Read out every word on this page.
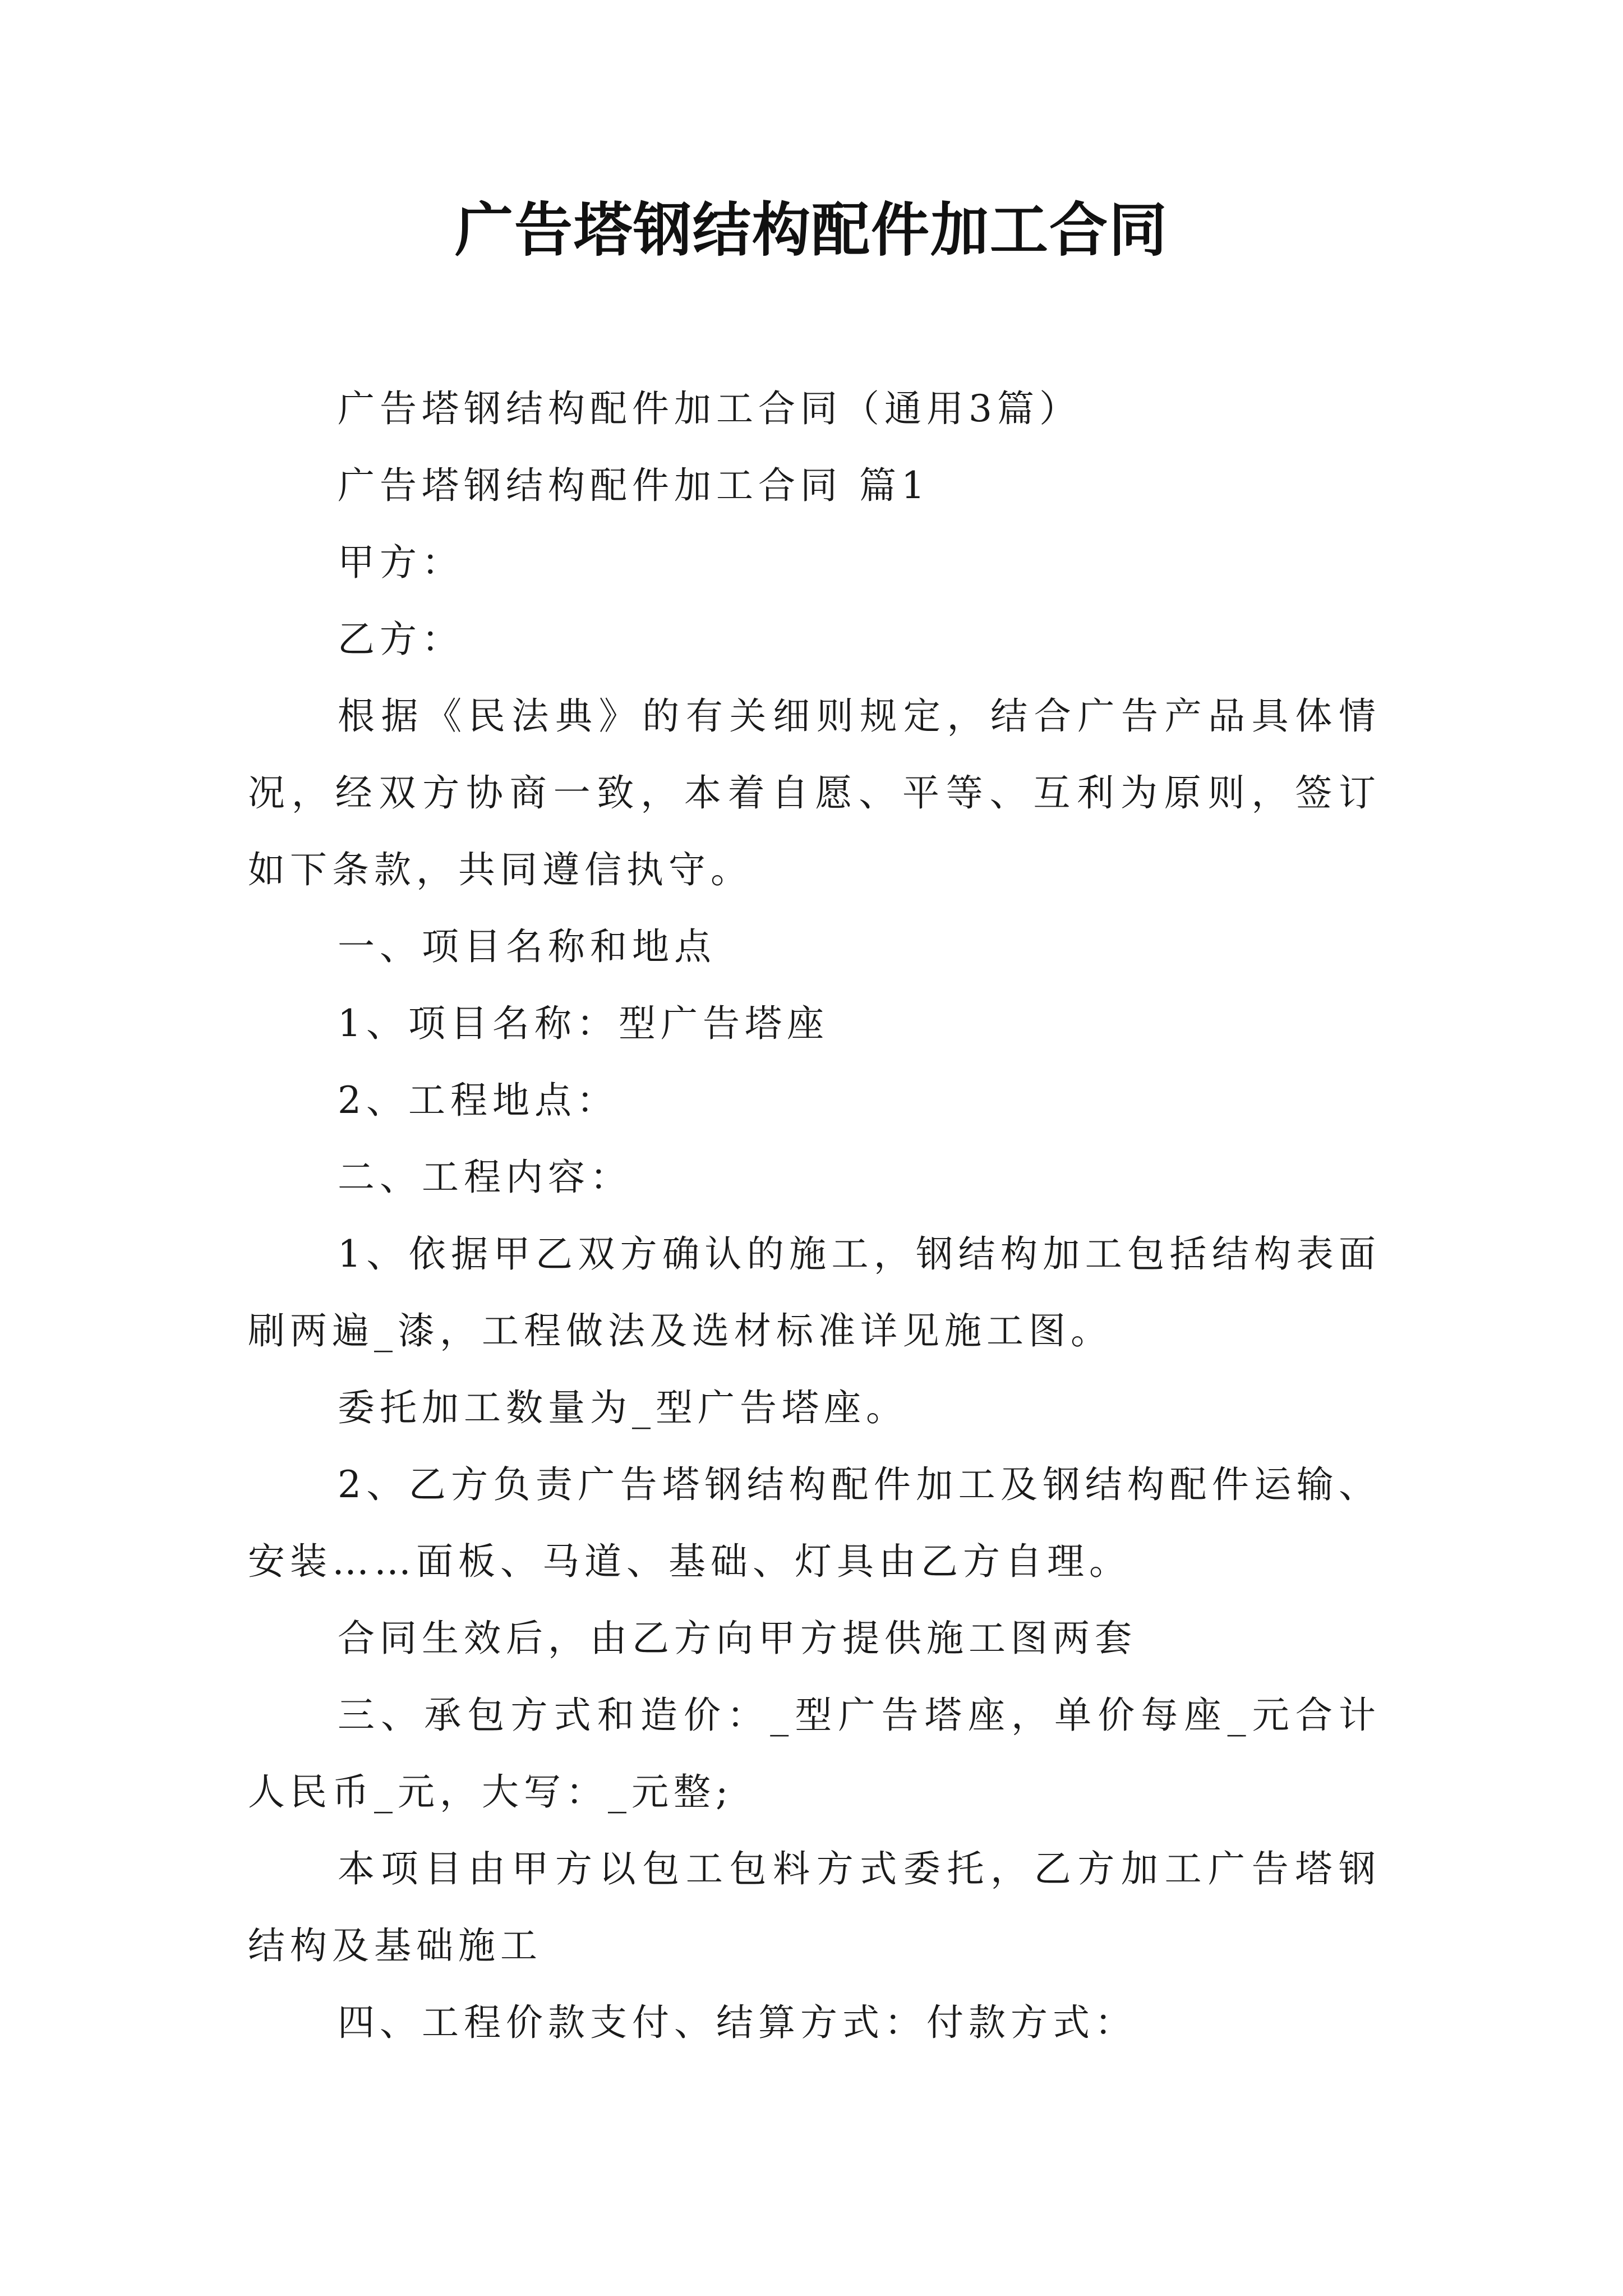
广告塔钢结构配件加工合同

广告塔钢结构配件加工合同（通用3篇）

广告塔钢结构配件加工合同 篇1

甲方：

乙方：

根据《民法典》的有关细则规定，结合广告产品具体情况，经双方协商一致，本着自愿、平等、互利为原则，签订如下条款，共同遵信执守。

一、项目名称和地点

1、项目名称：型广告塔座

2、工程地点：

二、工程内容：

1、依据甲乙双方确认的施工，钢结构加工包括结构表面刷两遍_漆，工程做法及选材标准详见施工图。

委托加工数量为_型广告塔座。

2、乙方负责广告塔钢结构配件加工及钢结构配件运输、安装……面板、马道、基础、灯具由乙方自理。

合同生效后，由乙方向甲方提供施工图两套

三、承包方式和造价：_型广告塔座，单价每座_元合计人民币_元，大写：_元整;

本项目由甲方以包工包料方式委托，乙方加工广告塔钢结构及基础施工

四、工程价款支付、结算方式：付款方式：
